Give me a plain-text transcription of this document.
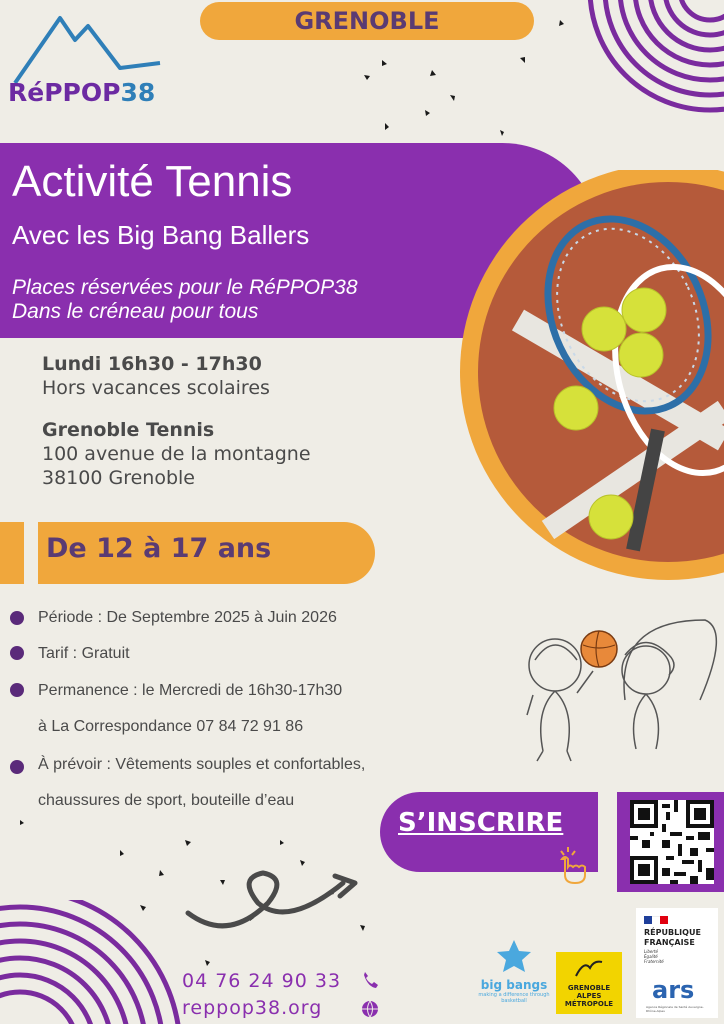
GRENOBLE
RéPPOP38
Activité Tennis
Avec les Big Bang Ballers
Places réservées pour le RéPPOP38
Dans le créneau pour tous
Lundi 16h30 - 17h30
Hors vacances scolaires
Grenoble Tennis
100 avenue de la montagne
38100 Grenoble
De 12 à 17 ans
Période : De Septembre 2025 à Juin 2026
Tarif : Gratuit
Permanence : le Mercredi de 16h30-17h30
à La Correspondance 07 84 72 91 86
À prévoir : Vêtements souples et confortables,
chaussures de sport, bouteille d’eau
S’INSCRIRE
04 76 24 90 33
reppop38.org
big bangs
making a difference through basketball
GRENOBLE ALPES
MÉTROPOLE
RÉPUBLIQUE
FRANÇAISE
Liberté
Égalité
Fraternité
ars
Agence Régionale de Santé Auvergne-Rhône-Alpes
